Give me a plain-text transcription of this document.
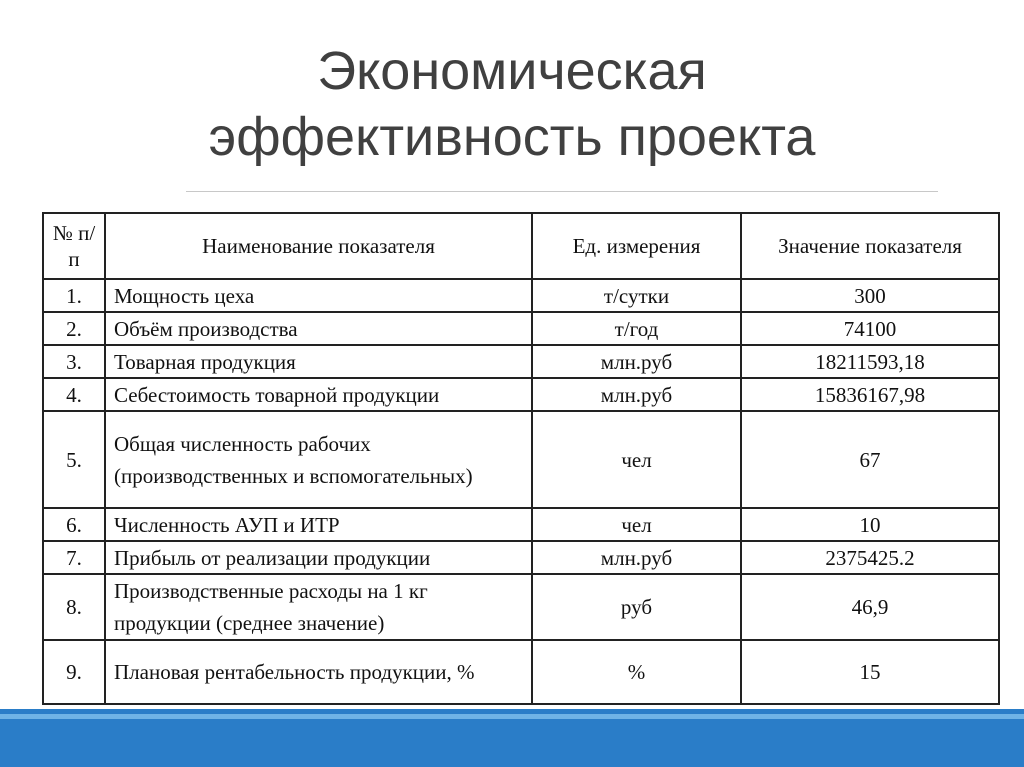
Экономическая
эффективность проекта
№ п/п	Наименование показателя	Ед. измерения	Значение показателя
1.	Мощность цеха	т/сутки	300
2.	Объём производства	т/год	74100
3.	Товарная продукция	млн.руб	18211593,18
4.	Себестоимость товарной продукции	млн.руб	15836167,98
5.	Общая численность рабочих (производственных и вспомогательных)	чел	67
6.	Численность АУП и ИТР	чел	10
7.	Прибыль от реализации продукции	млн.руб	2375425.2
8.	Производственные расходы на 1 кг продукции (среднее значение)	руб	46,9
9.	Плановая рентабельность продукции, %	%	15
